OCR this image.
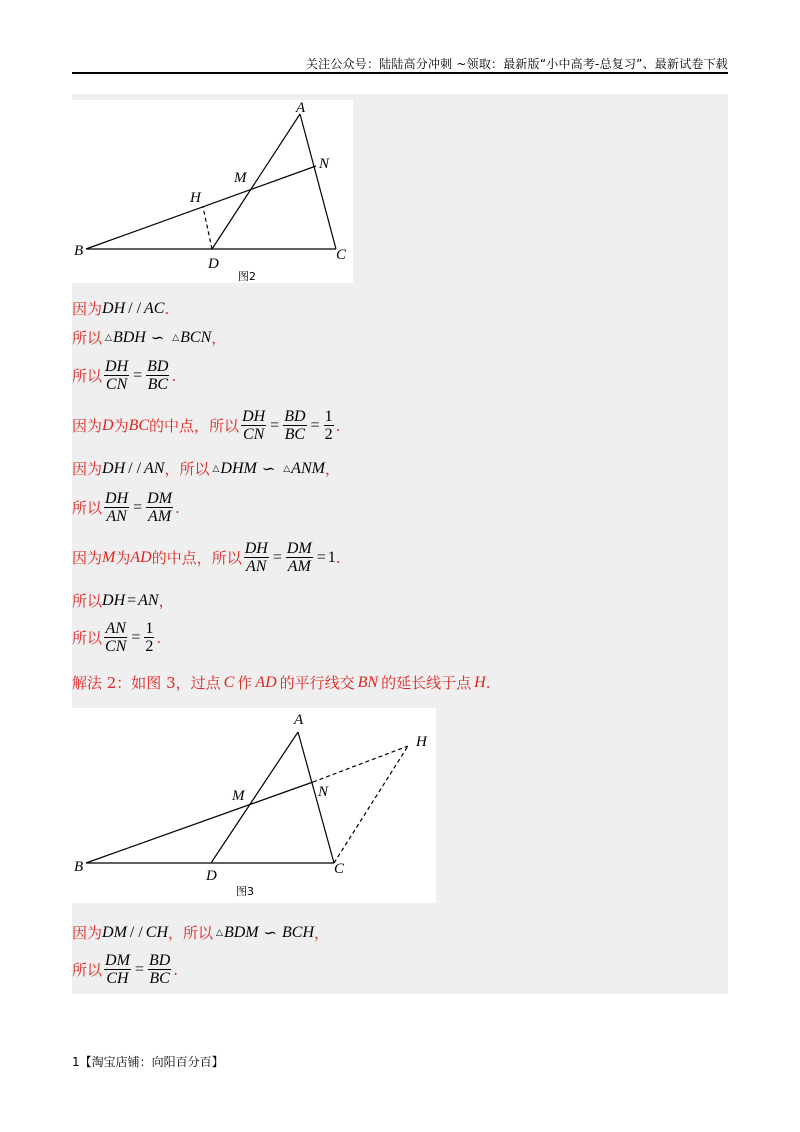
关注公众号：陆陆高分冲刺 ~领取：最新版“小中高考-总复习”、最新试卷下载
A
N
M
H
B
D
C
图2
因为 DH / / AC .
所以 △ BDH ∽ △ BCN ，
所以 $\frac{DH}{CN} = \frac{BD}{BC}$ .
因为 D 为 BC 的中点，所以 $\frac{DH}{CN} = \frac{BD}{BC} = \frac{1}{2}$ .
因为 DH / / AN ，所以 △ DHM ∽ △ ANM ，
所以 $\frac{DH}{AN} = \frac{DM}{AM}$ .
因为 M 为 AD 的中点，所以 $\frac{DH}{AN} = \frac{DM}{AM} = 1$ .
所以 DH = AN ，
所以 $\frac{AN}{CN} = \frac{1}{2}$ .
解法 2：如图 3，过点 C 作 AD 的平行线交 BN 的延长线于点 H .
A
H
M	N
B
D	C
图3
因为 DM / / CH ，所以 △ BDM ∽ BCH ，
所以 $\frac{DM}{CH} = \frac{BD}{BC}$ .
1【淘宝店铺：向阳百分百】
